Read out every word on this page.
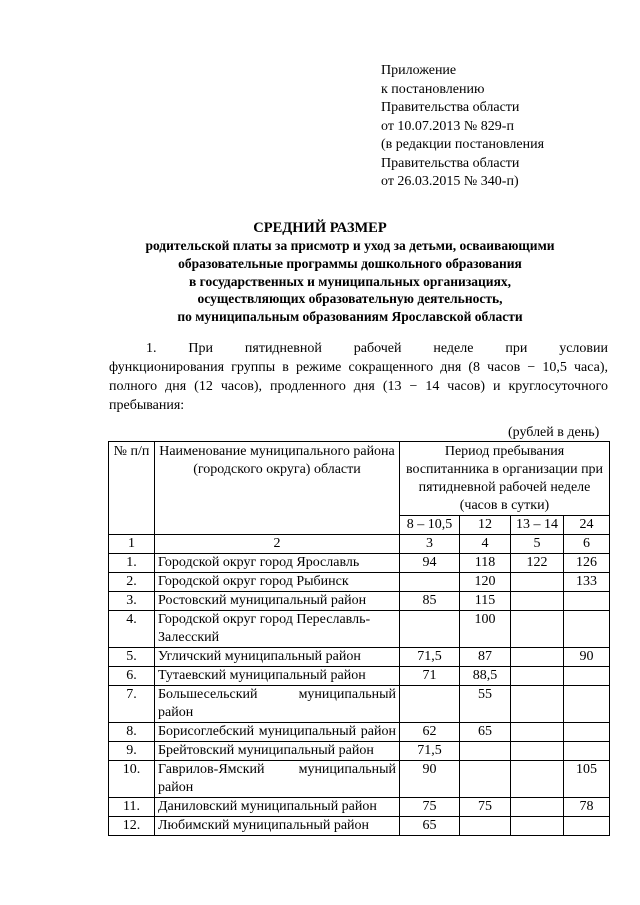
Приложение
к постановлению
Правительства области
от 10.07.2013 № 829-п
(в редакции постановления
Правительства области
от 26.03.2015 № 340-п)
СРЕДНИЙ РАЗМЕР
родительской платы за присмотр и уход за детьми, осваивающими
образовательные программы дошкольного образования
в государственных и муниципальных организациях,
осуществляющих образовательную деятельность,
по муниципальным образованиям Ярославской области
1. При пятидневной рабочей неделе при условии
функционирования группы в режиме сокращенного дня (8 часов − 10,5 часа),
полного дня (12 часов), продленного дня (13 − 14 часов) и круглосуточного
пребывания:
(рублей в день)
№ п/п	Наименование муниципального района (городского округа) области	Период пребывания воспитанника в организации при пятидневной рабочей неделе (часов в сутки)			
		8 – 10,5	12	13 – 14	24
1	2	3	4	5	6
1.	Городской округ город Ярославль	94	118	122	126
2.	Городской округ город Рыбинск		120		133
3.	Ростовский муниципальный район	85	115		
4.	Городской округ город Переславль-Залесский		100		
5.	Угличский муниципальный район	71,5	87		90
6.	Тутаевский муниципальный район	71	88,5		
7.	Большесельский муниципальный район		55		
8.	Борисоглебский муниципальный район	62	65		
9.	Брейтовский муниципальный район	71,5			
10.	Гаврилов-Ямский муниципальный район	90			105
11.	Даниловский муниципальный район	75	75		78
12.	Любимский муниципальный район	65			
